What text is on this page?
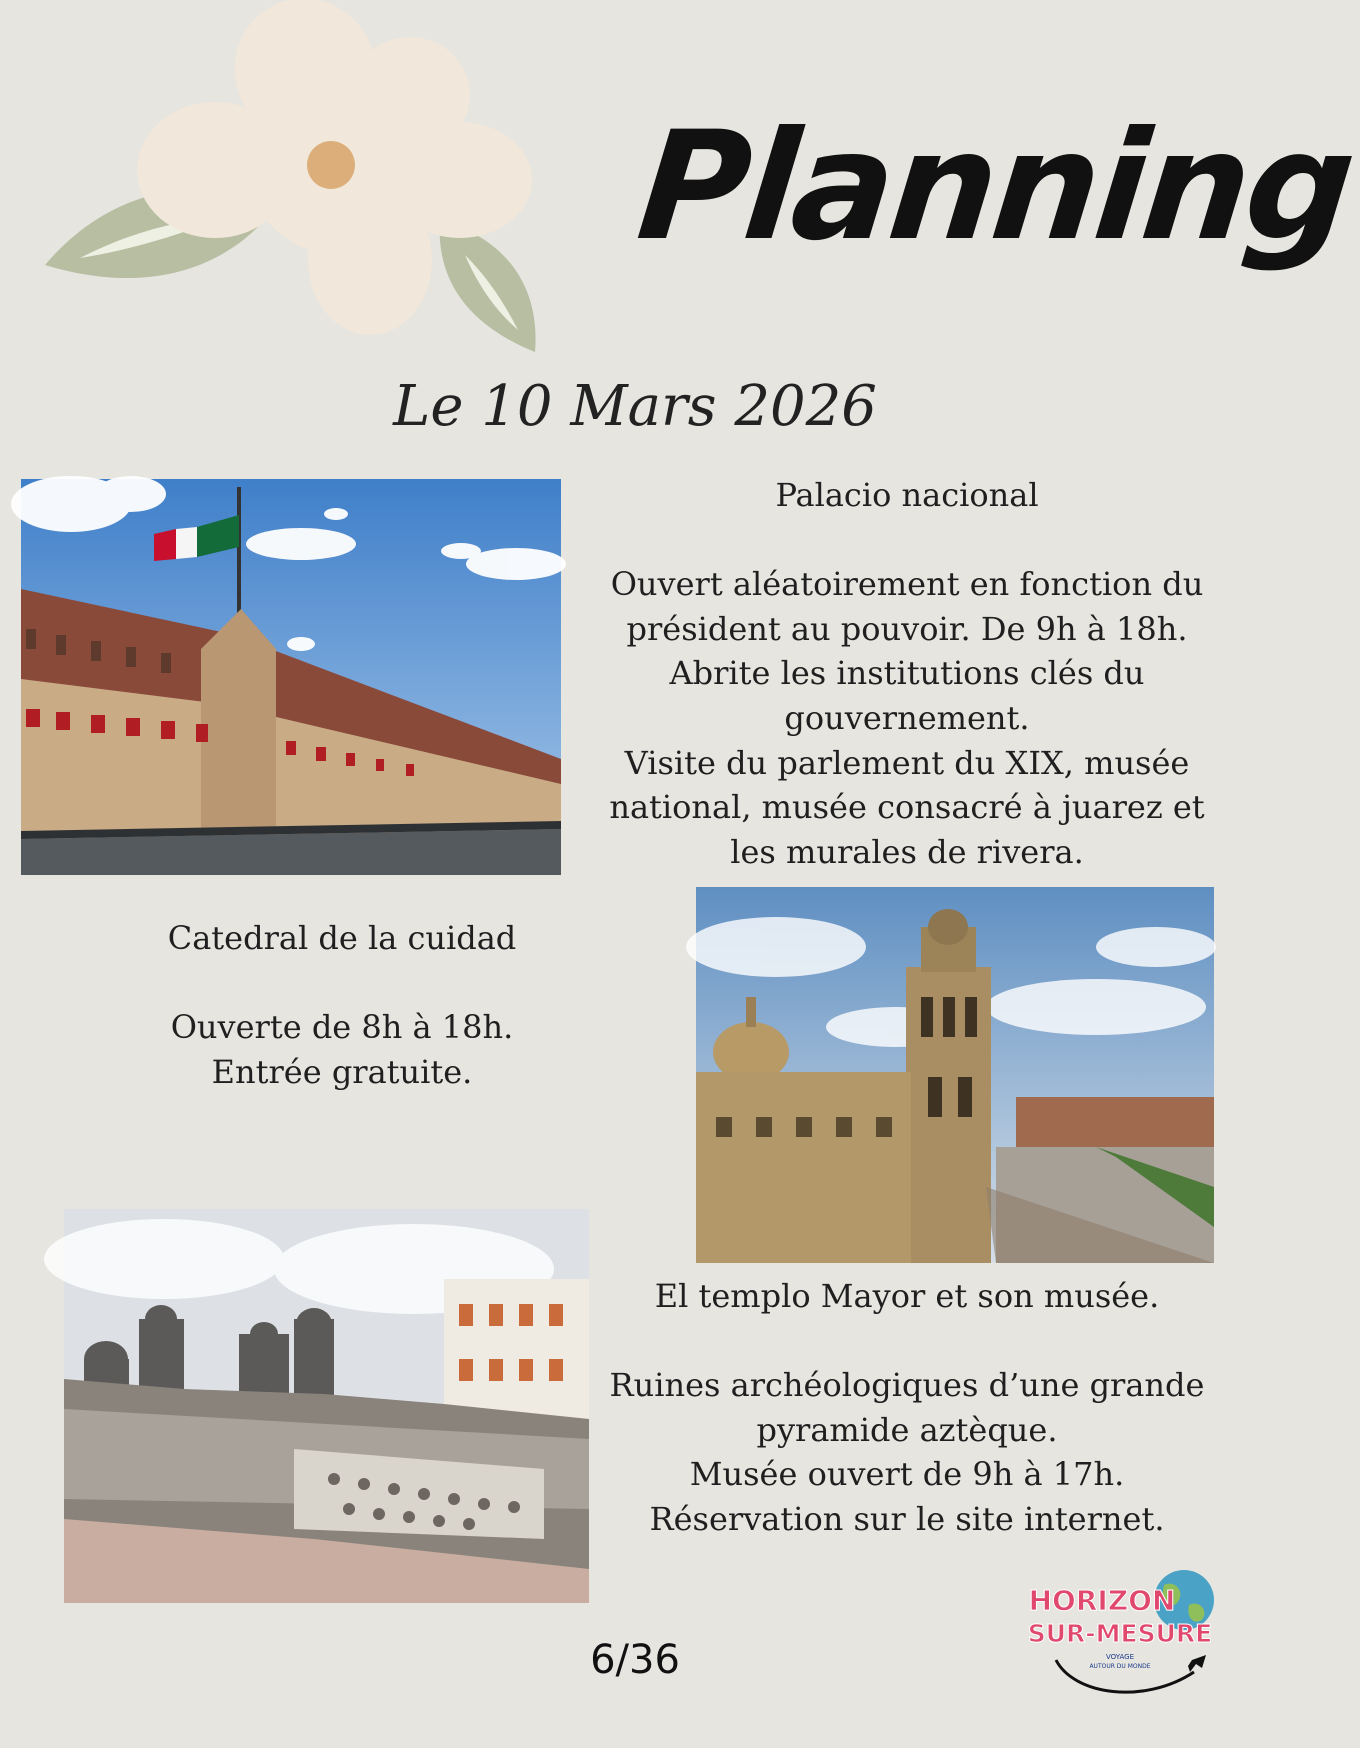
Planning
Le 10 Mars 2026

Palacio nacional

Ouvert aléatoirement en fonction du

président au pouvoir. De 9h à 18h.

Abrite les institutions clés du

gouvernement.

Visite du parlement du XIX, musée

national, musée consacré à juarez et

les murales de rivera.

Catedral de la cuidad

Ouverte de 8h à 18h.

Entrée gratuite.

El templo Mayor et son musée.

Ruines archéologiques d’une grande

pyramide aztèque.

Musée ouvert de 9h à 17h.

Réservation sur le site internet.

6/36
HORIZON
SUR-MESURE
VOYAGE
AUTOUR DU MONDE
